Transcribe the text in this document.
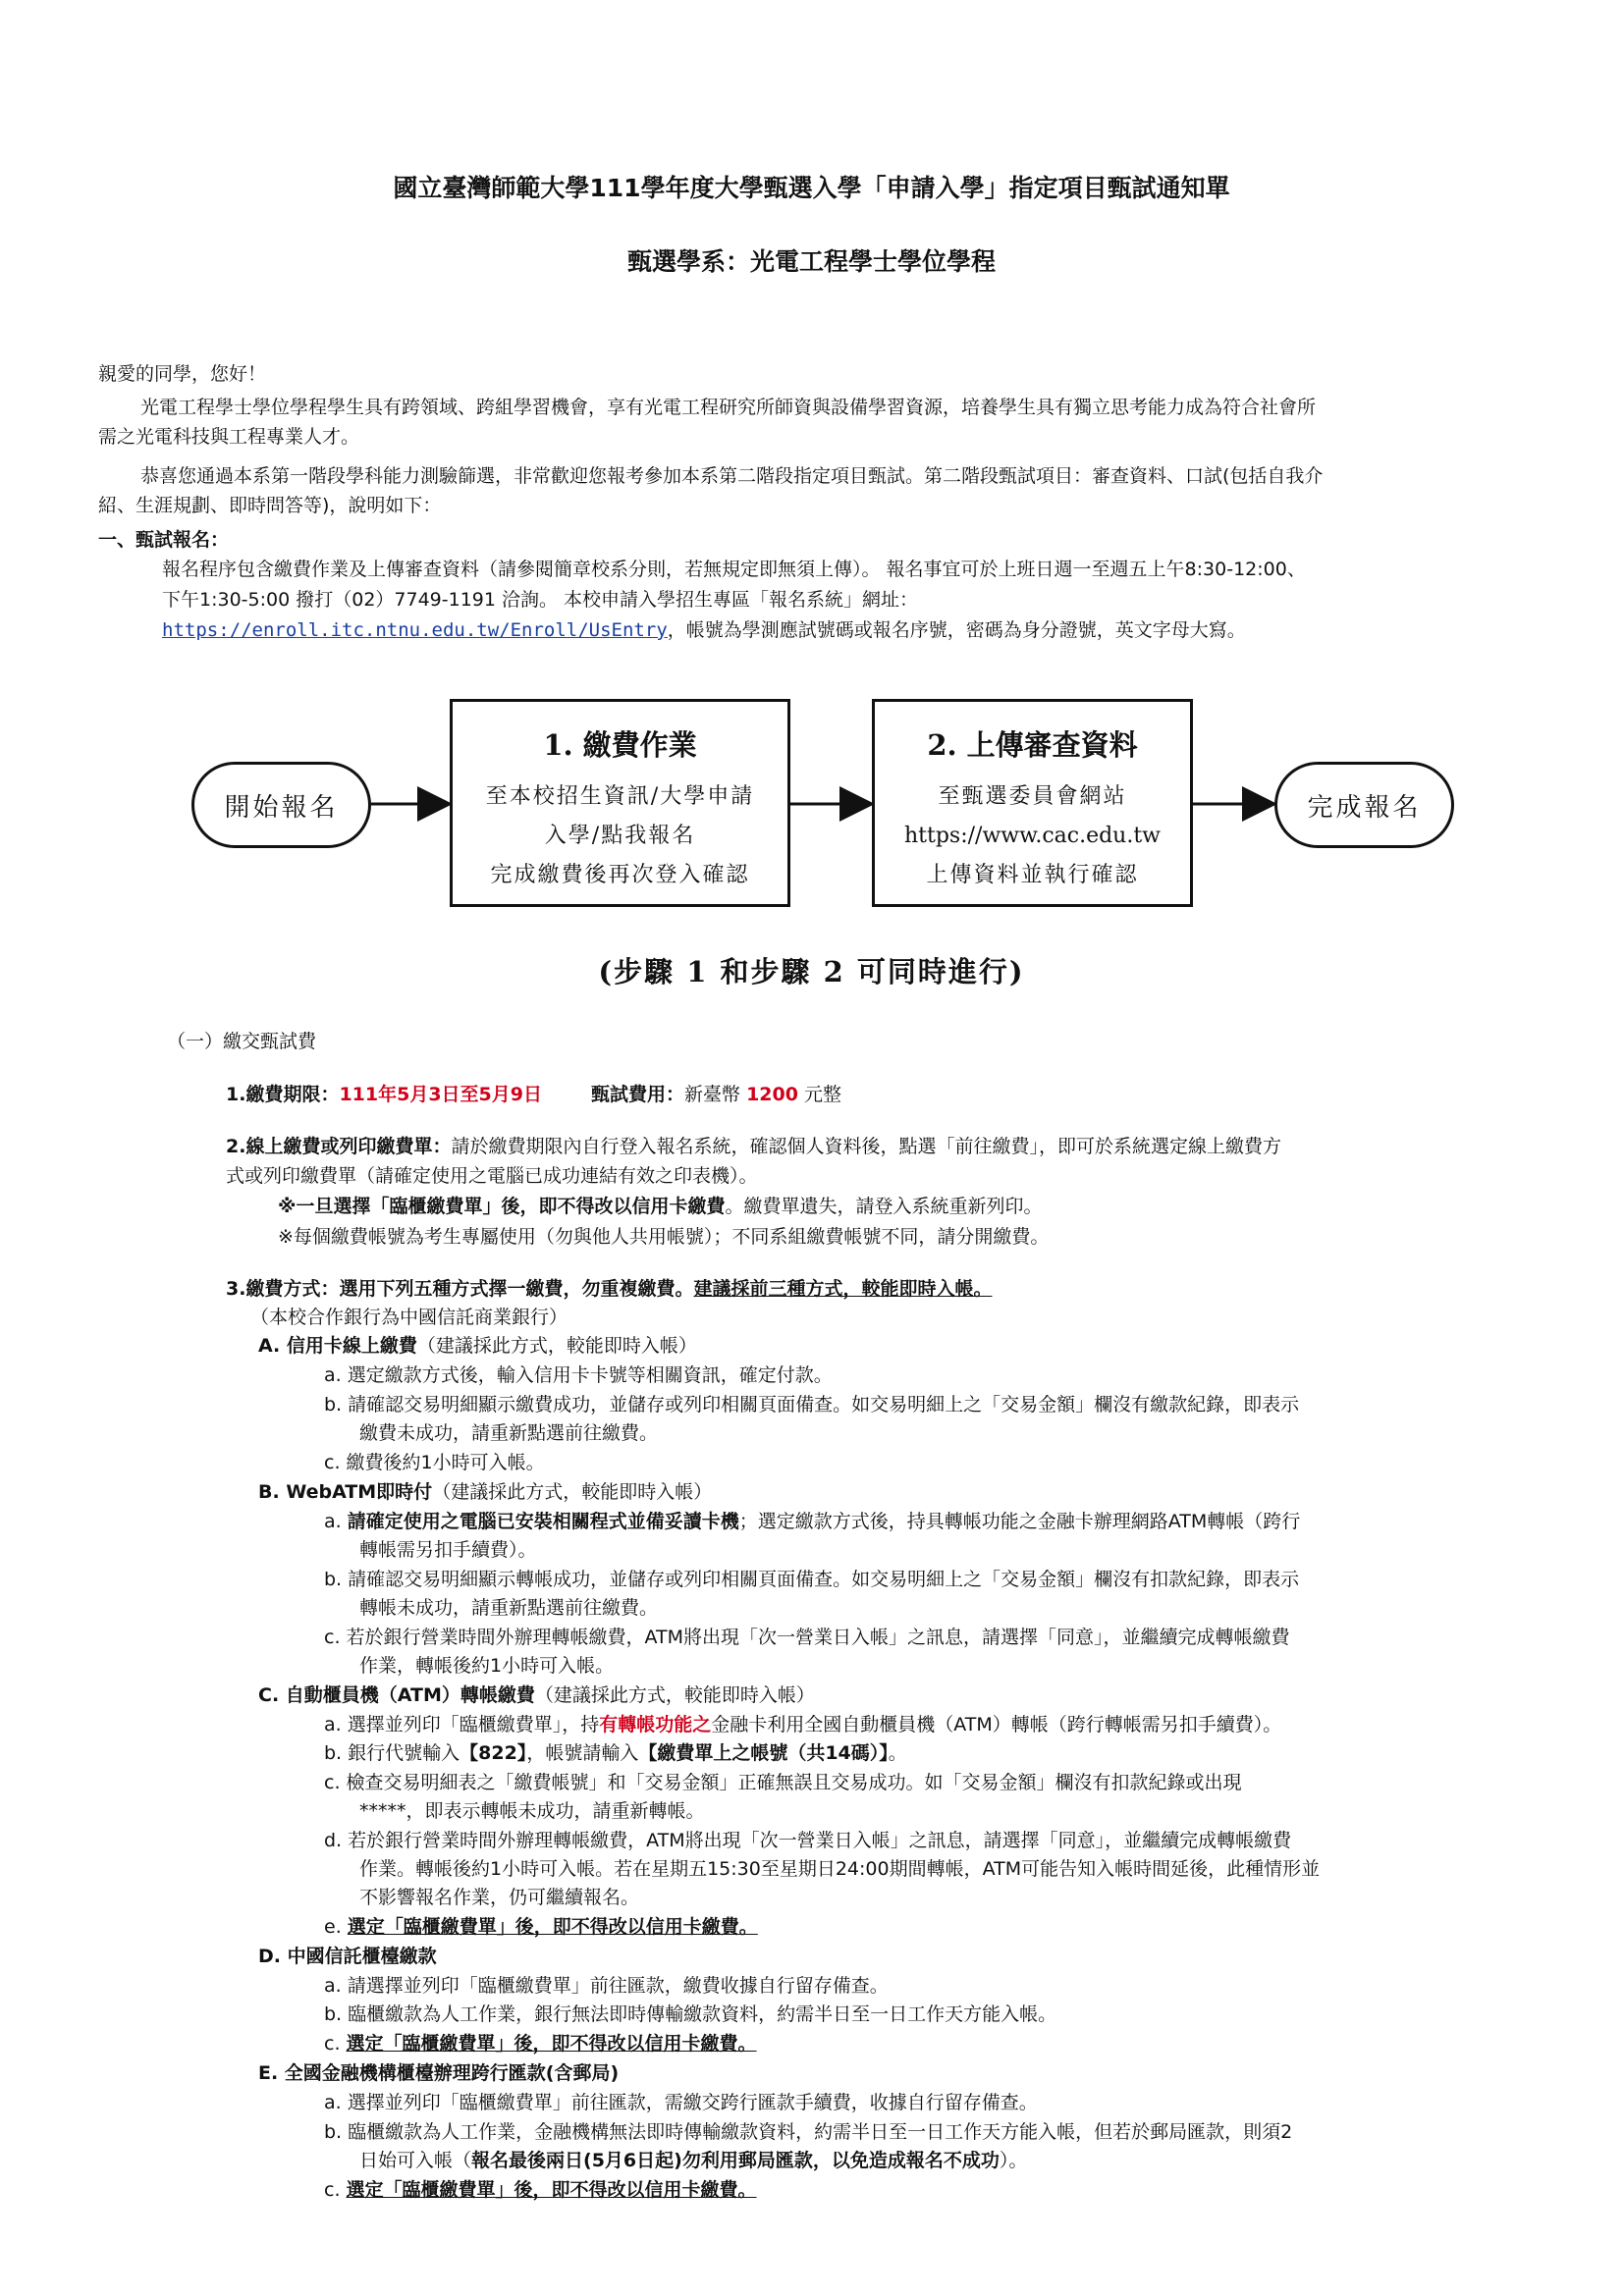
國立臺灣師範大學111學年度大學甄選入學「申請入學」指定項目甄試通知單
甄選學系：光電工程學士學位學程
親愛的同學，您好！
光電工程學士學位學程學生具有跨領域、跨組學習機會，享有光電工程研究所師資與設備學習資源，培養學生具有獨立思考能力成為符合社會所
需之光電科技與工程專業人才。
恭喜您通過本系第一階段學科能力測驗篩選，非常歡迎您報考參加本系第二階段指定項目甄試。第二階段甄試項目：審查資料、口試(包括自我介
紹、生涯規劃、即時問答等)，說明如下：
一、甄試報名：
報名程序包含繳費作業及上傳審查資料（請參閱簡章校系分則，若無規定即無須上傳）。 報名事宜可於上班日週一至週五上午8:30-12:00、
下午1:30-5:00 撥打（02）7749-1191 洽詢。 本校申請入學招生專區「報名系統」網址：
https://enroll.itc.ntnu.edu.tw/Enroll/UsEntry，帳號為學測應試號碼或報名序號，密碼為身分證號，英文字母大寫。
開始報名
1. 繳費作業
至本校招生資訊/大學申請
入學/點我報名
完成繳費後再次登入確認
2. 上傳審查資料
至甄選委員會網站
https://www.cac.edu.tw
上傳資料並執行確認
完成報名
(步驟 1 和步驟 2 可同時進行)
（一）繳交甄試費
1.繳費期限：111年5月3日至5月9日	甄試費用：新臺幣 1200 元整
2.線上繳費或列印繳費單：請於繳費期限內自行登入報名系統，確認個人資料後，點選「前往繳費」，即可於系統選定線上繳費方
式或列印繳費單（請確定使用之電腦已成功連結有效之印表機）。
※一旦選擇「臨櫃繳費單」後，即不得改以信用卡繳費。繳費單遺失，請登入系統重新列印。
※每個繳費帳號為考生專屬使用（勿與他人共用帳號）；不同系組繳費帳號不同，請分開繳費。
3.繳費方式：選用下列五種方式擇一繳費，勿重複繳費。建議採前三種方式，較能即時入帳。
（本校合作銀行為中國信託商業銀行）
A. 信用卡線上繳費（建議採此方式，較能即時入帳）
a. 選定繳款方式後，輸入信用卡卡號等相關資訊，確定付款。
b. 請確認交易明細顯示繳費成功，並儲存或列印相關頁面備查。如交易明細上之「交易金額」欄沒有繳款紀錄，即表示
繳費未成功，請重新點選前往繳費。
c. 繳費後約1小時可入帳。
B. WebATM即時付（建議採此方式，較能即時入帳）
a. 請確定使用之電腦已安裝相關程式並備妥讀卡機；選定繳款方式後，持具轉帳功能之金融卡辦理網路ATM轉帳（跨行
轉帳需另扣手續費）。
b. 請確認交易明細顯示轉帳成功，並儲存或列印相關頁面備查。如交易明細上之「交易金額」欄沒有扣款紀錄，即表示
轉帳未成功，請重新點選前往繳費。
c. 若於銀行營業時間外辦理轉帳繳費，ATM將出現「次一營業日入帳」之訊息，請選擇「同意」，並繼續完成轉帳繳費
作業，轉帳後約1小時可入帳。
C. 自動櫃員機（ATM）轉帳繳費（建議採此方式，較能即時入帳）
a. 選擇並列印「臨櫃繳費單」，持有轉帳功能之金融卡利用全國自動櫃員機（ATM）轉帳（跨行轉帳需另扣手續費）。
b. 銀行代號輸入【822】，帳號請輸入【繳費單上之帳號（共14碼）】。
c. 檢查交易明細表之「繳費帳號」和「交易金額」正確無誤且交易成功。如「交易金額」欄沒有扣款紀錄或出現
*****，即表示轉帳未成功，請重新轉帳。
d. 若於銀行營業時間外辦理轉帳繳費，ATM將出現「次一營業日入帳」之訊息，請選擇「同意」，並繼續完成轉帳繳費
作業。轉帳後約1小時可入帳。若在星期五15:30至星期日24:00期間轉帳，ATM可能告知入帳時間延後，此種情形並
不影響報名作業，仍可繼續報名。
e. 選定「臨櫃繳費單」後，即不得改以信用卡繳費。
D. 中國信託櫃檯繳款
a. 請選擇並列印「臨櫃繳費單」前往匯款，繳費收據自行留存備查。
b. 臨櫃繳款為人工作業，銀行無法即時傳輸繳款資料，約需半日至一日工作天方能入帳。
c. 選定「臨櫃繳費單」後，即不得改以信用卡繳費。
E. 全國金融機構櫃檯辦理跨行匯款(含郵局)
a. 選擇並列印「臨櫃繳費單」前往匯款，需繳交跨行匯款手續費，收據自行留存備查。
b. 臨櫃繳款為人工作業，金融機構無法即時傳輸繳款資料，約需半日至一日工作天方能入帳，但若於郵局匯款，則須2
日始可入帳（報名最後兩日(5月6日起)勿利用郵局匯款，以免造成報名不成功）。
c. 選定「臨櫃繳費單」後，即不得改以信用卡繳費。
